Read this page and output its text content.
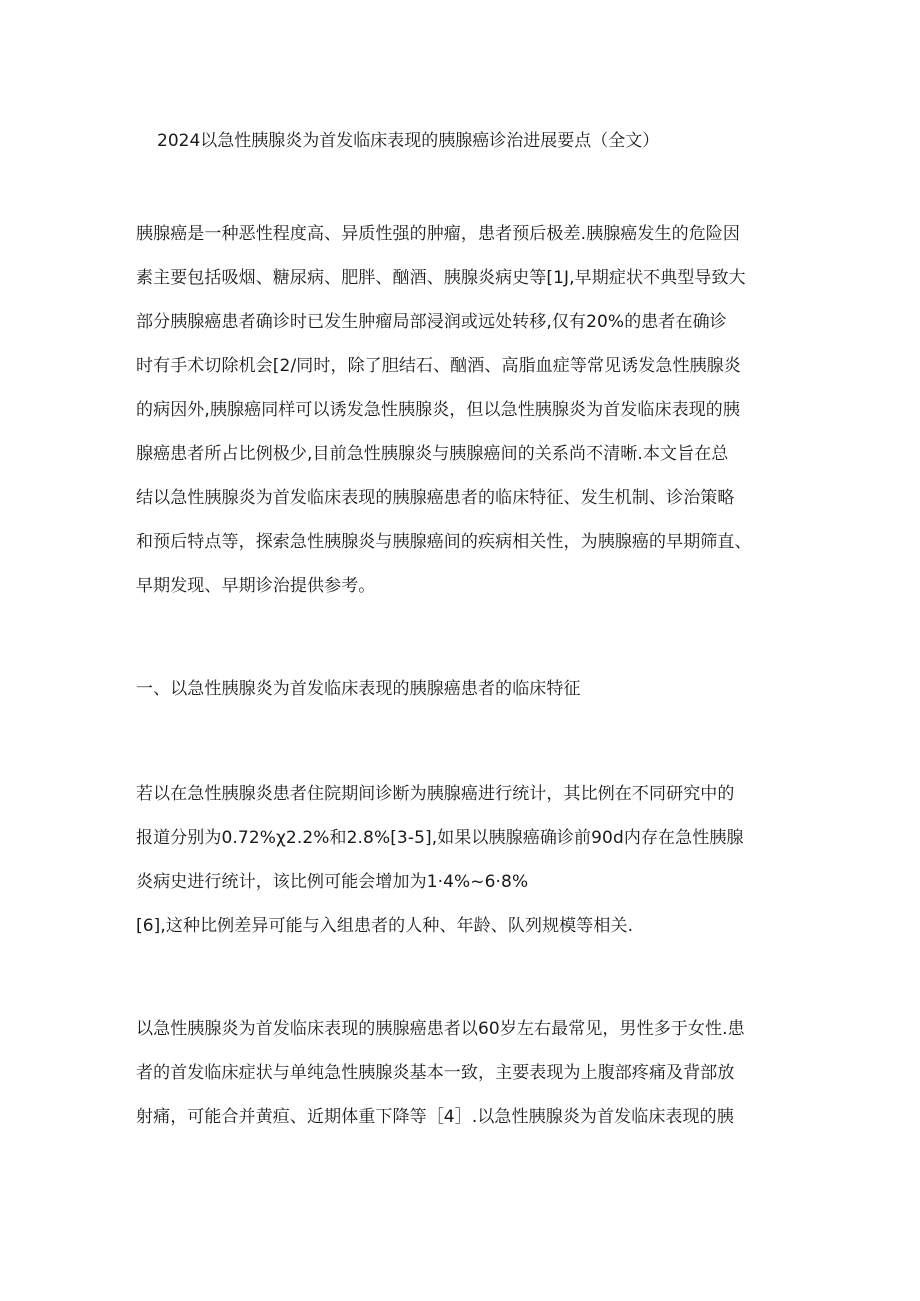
2024以急性胰腺炎为首发临床表现的胰腺癌诊治进展要点（全文）

胰腺癌是一种恶性程度高、异质性强的肿瘤，患者预后极差.胰腺癌发生的危险因

素主要包括吸烟、糖尿病、肥胖、酗酒、胰腺炎病史等[1J,早期症状不典型导致大

部分胰腺癌患者确诊时已发生肿瘤局部浸润或远处转移,仅有20%的患者在确诊

时有手术切除机会[2/同时，除了胆结石、酗酒、高脂血症等常见诱发急性胰腺炎

的病因外,胰腺癌同样可以诱发急性胰腺炎，但以急性胰腺炎为首发临床表现的胰

腺癌患者所占比例极少,目前急性胰腺炎与胰腺癌间的关系尚不清晰.本文旨在总

结以急性胰腺炎为首发临床表现的胰腺癌患者的临床特征、发生机制、诊治策略

和预后特点等，探索急性胰腺炎与胰腺癌间的疾病相关性，为胰腺癌的早期筛直、

早期发现、早期诊治提供参考。

一、以急性胰腺炎为首发临床表现的胰腺癌患者的临床特征

若以在急性胰腺炎患者住院期间诊断为胰腺癌进行统计，其比例在不同研究中的

报道分别为0.72%χ2.2%和2.8%[3-5],如果以胰腺癌确诊前90d内存在急性胰腺

炎病史进行统计，该比例可能会增加为1·4%~6·8%

[6],这种比例差异可能与入组患者的人种、年龄、队列规模等相关.

以急性胰腺炎为首发临床表现的胰腺癌患者以60岁左右最常见，男性多于女性.患

者的首发临床症状与单纯急性胰腺炎基本一致，主要表现为上腹部疼痛及背部放

射痛，可能合并黄疸、近期体重下降等［4］.以急性胰腺炎为首发临床表现的胰
